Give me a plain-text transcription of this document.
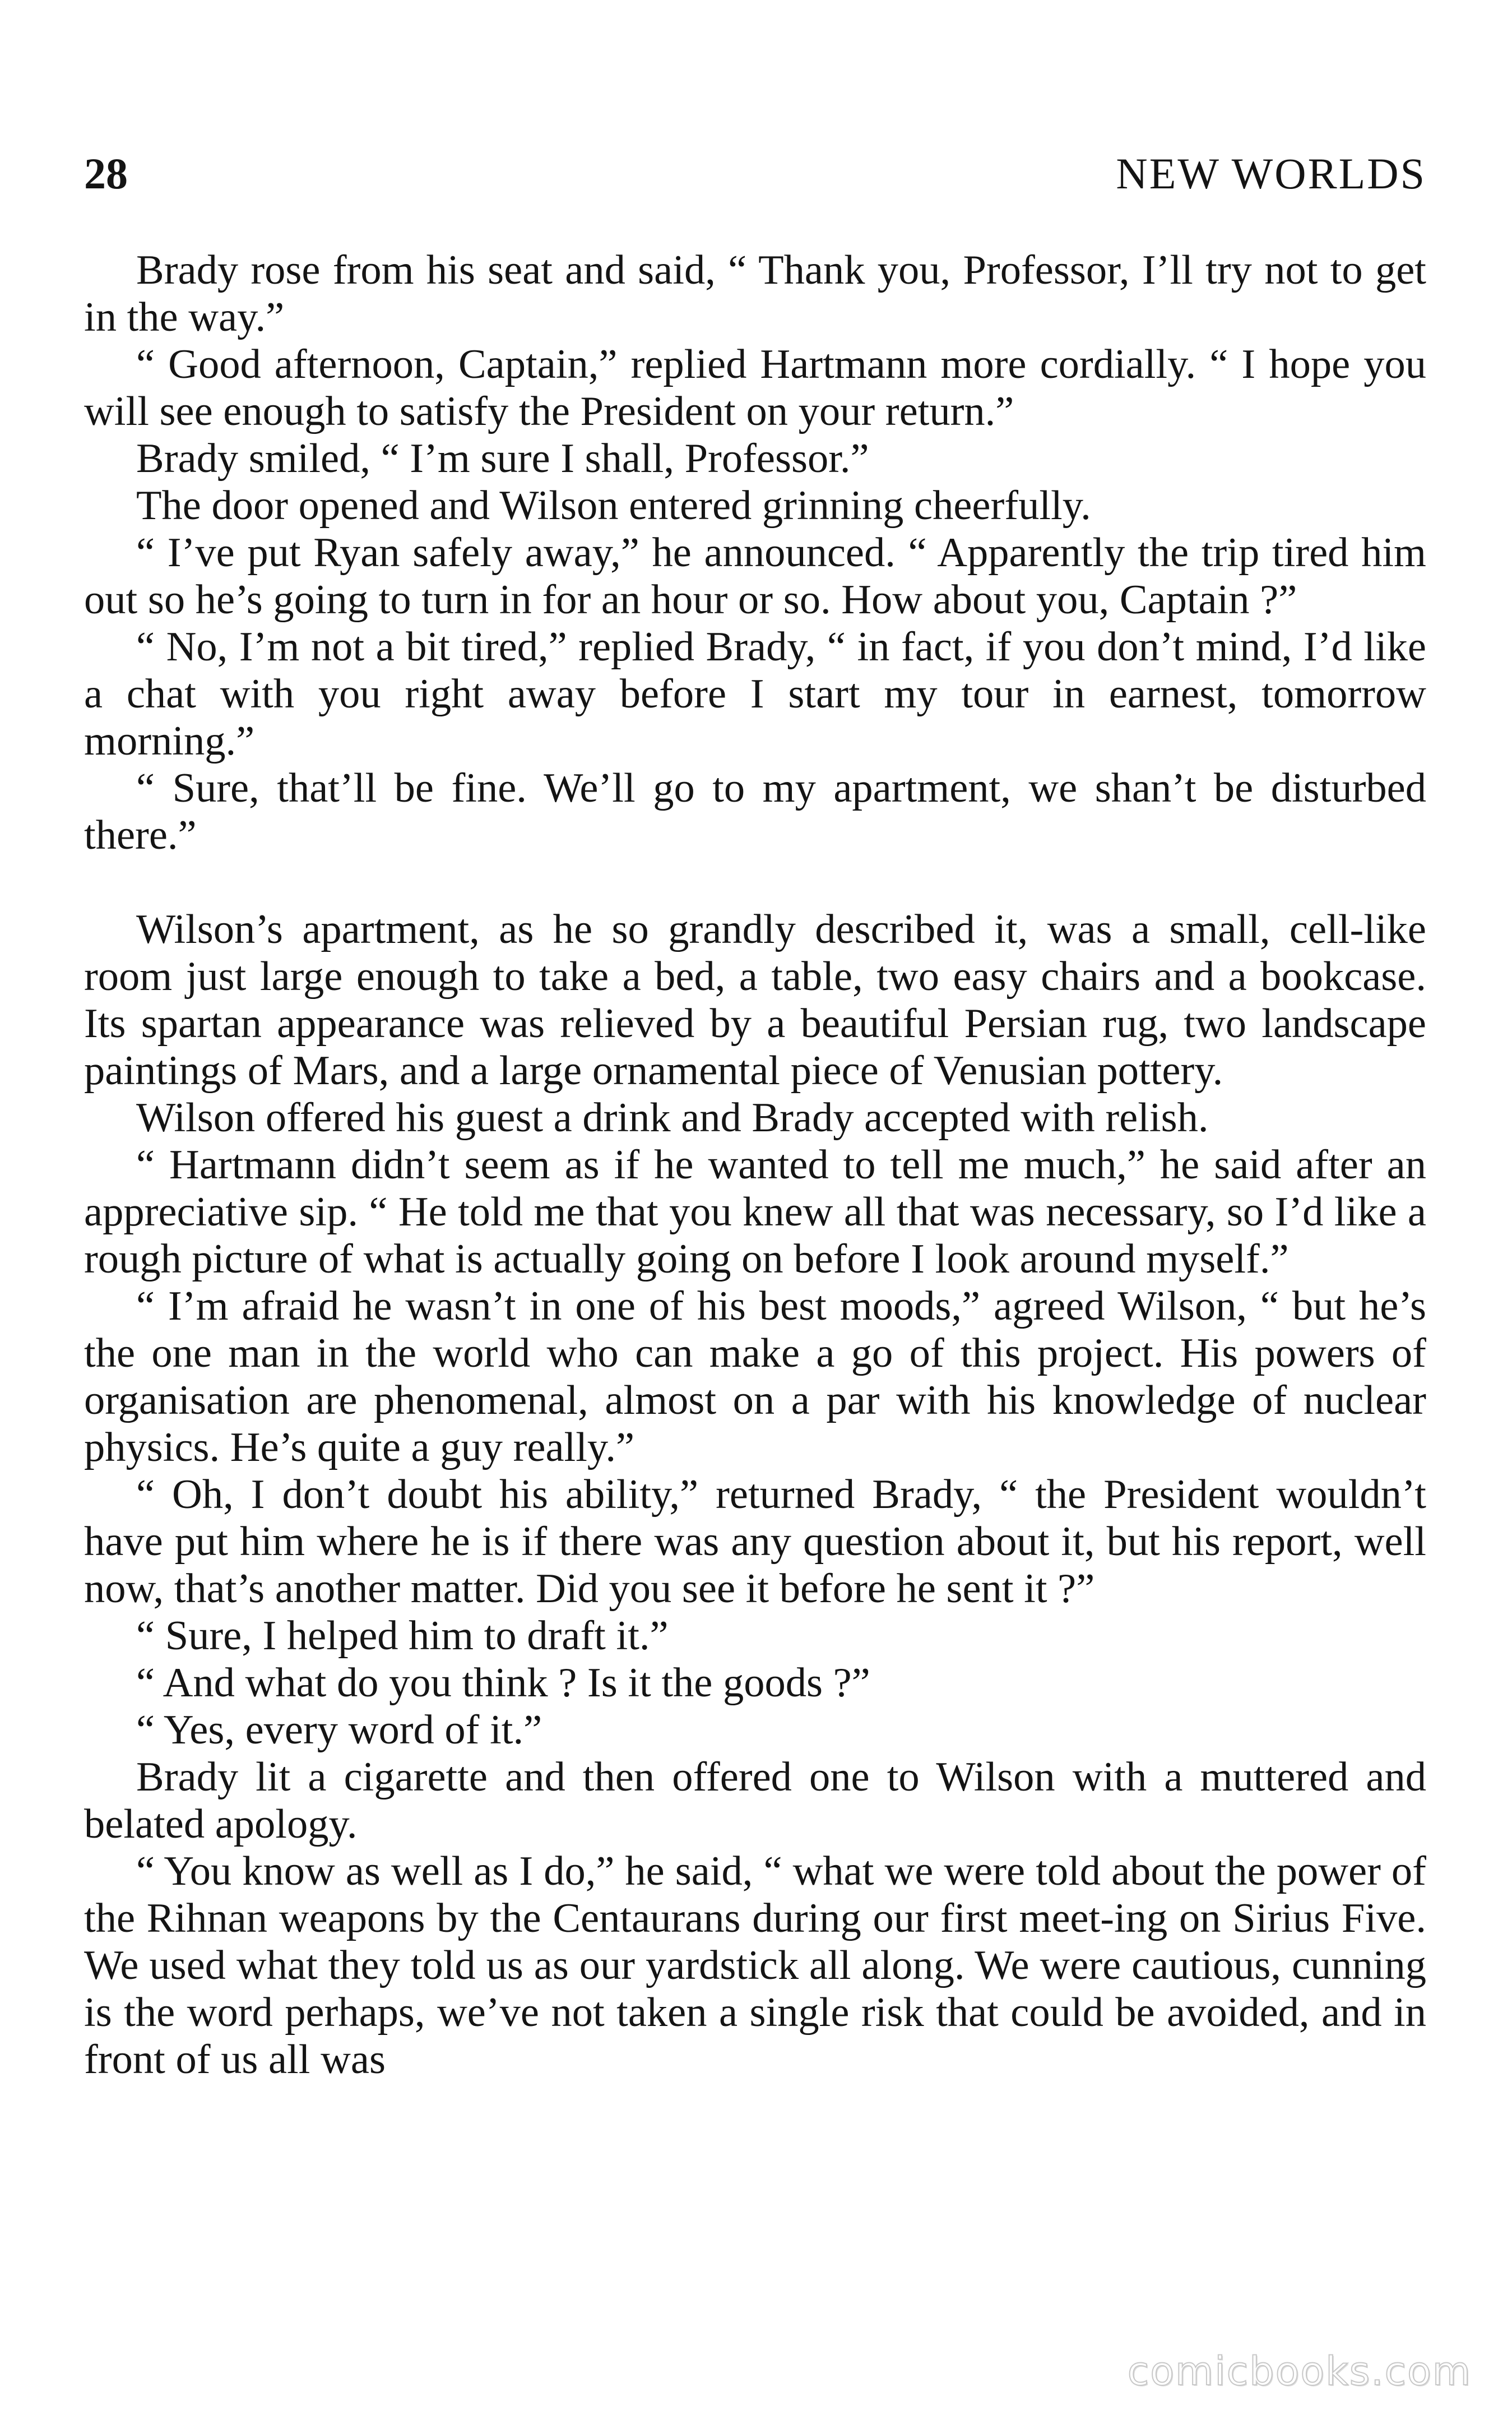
28	NEW WORLDS

Brady rose from his seat and said, “ Thank you, Professor, I’ll try not to get in the way.”

“ Good afternoon, Captain,” replied Hartmann more cordially. “ I hope you will see enough to satisfy the President on your return.”

Brady smiled, “ I’m sure I shall, Professor.”

The door opened and Wilson entered grinning cheerfully.

“ I’ve put Ryan safely away,” he announced. “ Apparently the trip tired him out so he’s going to turn in for an hour or so. How about you, Captain ?”

“ No, I’m not a bit tired,” replied Brady, “ in fact, if you don’t mind, I’d like a chat with you right away before I start my tour in earnest, tomorrow morning.”

“ Sure, that’ll be fine. We’ll go to my apartment, we shan’t be disturbed there.”

Wilson’s apartment, as he so grandly described it, was a small, cell-like room just large enough to take a bed, a table, two easy chairs and a bookcase. Its spartan appearance was relieved by a beautiful Persian rug, two landscape paintings of Mars, and a large ornamental piece of Venusian pottery.

Wilson offered his guest a drink and Brady accepted with relish.

“ Hartmann didn’t seem as if he wanted to tell me much,” he said after an appreciative sip. “ He told me that you knew all that was necessary, so I’d like a rough picture of what is actually going on before I look around myself.”

“ I’m afraid he wasn’t in one of his best moods,” agreed Wilson, “ but he’s the one man in the world who can make a go of this project. His powers of organisation are phenomenal, almost on a par with his knowledge of nuclear physics. He’s quite a guy really.”

“ Oh, I don’t doubt his ability,” returned Brady, “ the President wouldn’t have put him where he is if there was any question about it, but his report, well now, that’s another matter. Did you see it before he sent it ?”

“ Sure, I helped him to draft it.”

“ And what do you think ? Is it the goods ?”

“ Yes, every word of it.”

Brady lit a cigarette and then offered one to Wilson with a muttered and belated apology.

“ You know as well as I do,” he said, “ what we were told about the power of the Rihnan weapons by the Centaurans during our first meet-ing on Sirius Five. We used what they told us as our yardstick all along. We were cautious, cunning is the word perhaps, we’ve not taken a single risk that could be avoided, and in front of us all was

comicbooks.com
